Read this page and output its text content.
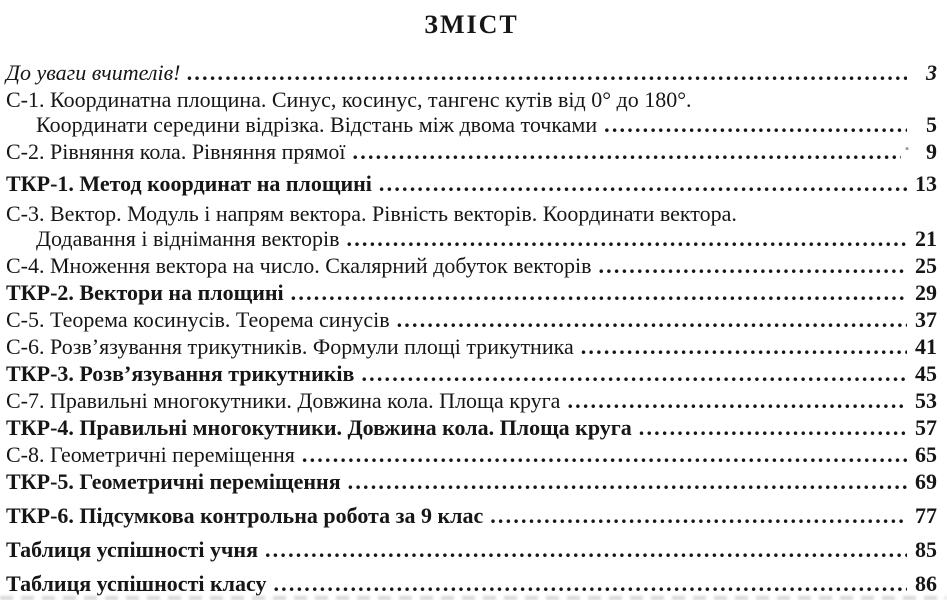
ЗМІСТ
До уваги вчителів! .....	3
С-1. Координатна площина. Синус, косинус, тангенс кутів від 0° до 180°.
Координати середини відрізка. Відстань між двома точками .....	5
С-2. Рівняння кола. Рівняння прямої .....	▪ 9
ТКР-1. Метод координат на площині .....	13
С-3. Вектор. Модуль і напрям вектора. Рівність векторів. Координати вектора.
Додавання і віднімання векторів .....	21
С-4. Множення вектора на число. Скалярний добуток векторів .....	25
ТКР-2. Вектори на площині .....	29
С-5. Теорема косинусів. Теорема синусів .....	37
С-6. Розв’язування трикутників. Формули площі трикутника .....	41
ТКР-3. Розв’язування трикутників .....	45
С-7. Правильні многокутники. Довжина кола. Площа круга .....	53
ТКР-4. Правильні многокутники. Довжина кола. Площа круга .....	57
С-8. Геометричні переміщення .....	65
ТКР-5. Геометричні переміщення .....	69
ТКР-6. Підсумкова контрольна робота за 9 клас .....	77
Таблиця успішності учня .....	85
Таблиця успішності класу .....	86
